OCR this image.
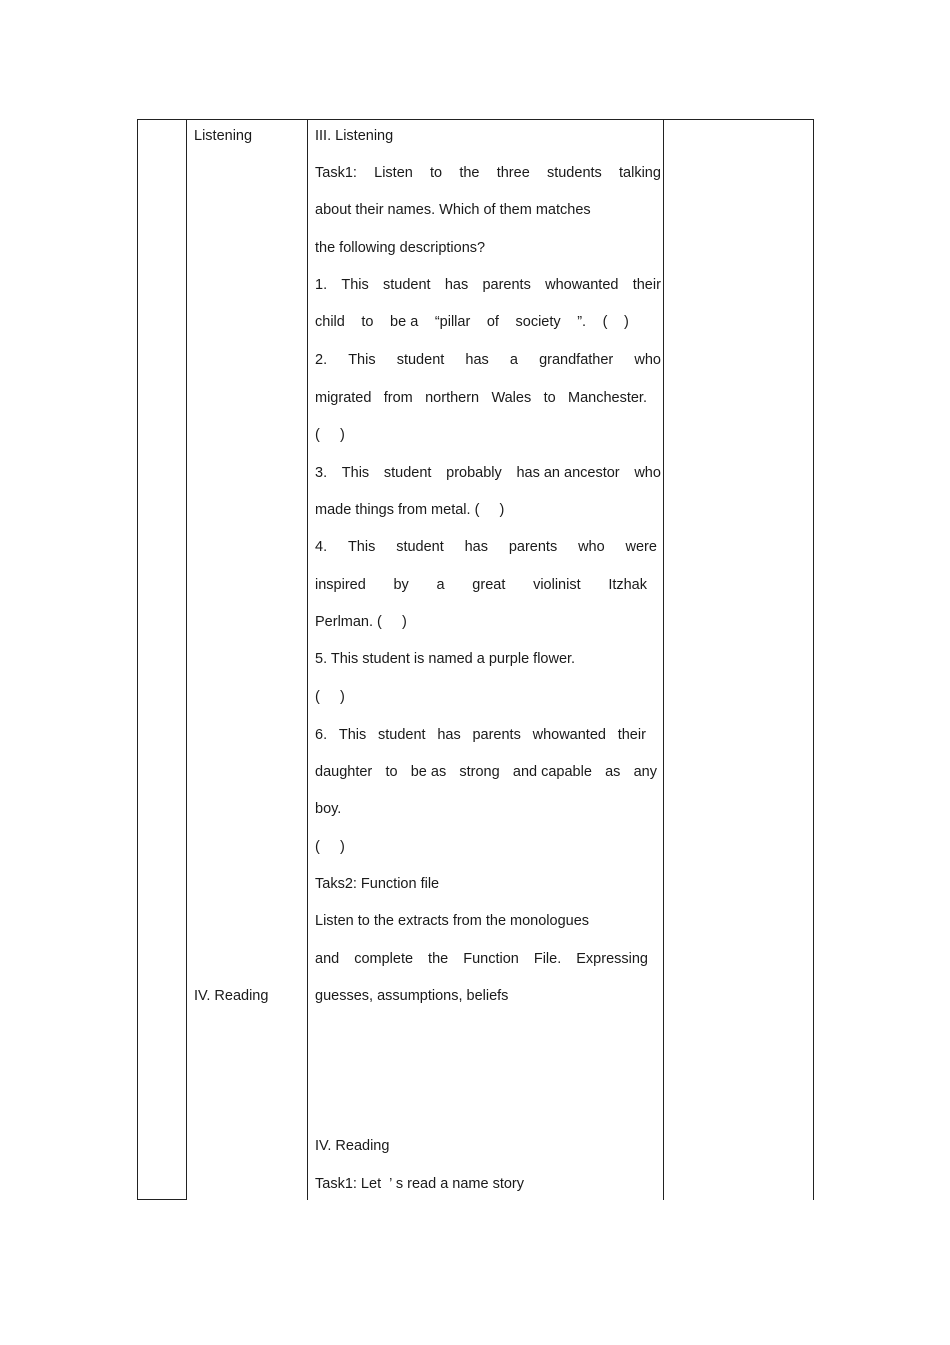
Listening
IV. Reading
III. Listening
Task1: Listen to the three students talking
about their names. Which of them matches
the following descriptions?
1. This student has parents whowanted their
child to be a “pillar of society ”. ( )
2. This student has a grandfather who
migrated from northern Wales to Manchester.
(     )
3. This student probably has an ancestor who
made things from metal. (     )
4. This student has parents who were
inspired by a great violinist Itzhak
Perlman. (     )
5. This student is named a purple flower.
(     )
6. This student has parents whowanted their
daughter to be as strong and capable as any
boy.
(     )
Taks2: Function file
Listen to the extracts from the monologues
and complete the Function File. Expressing
guesses, assumptions, beliefs
IV. Reading
Task1: Let  ’ s read a name story
